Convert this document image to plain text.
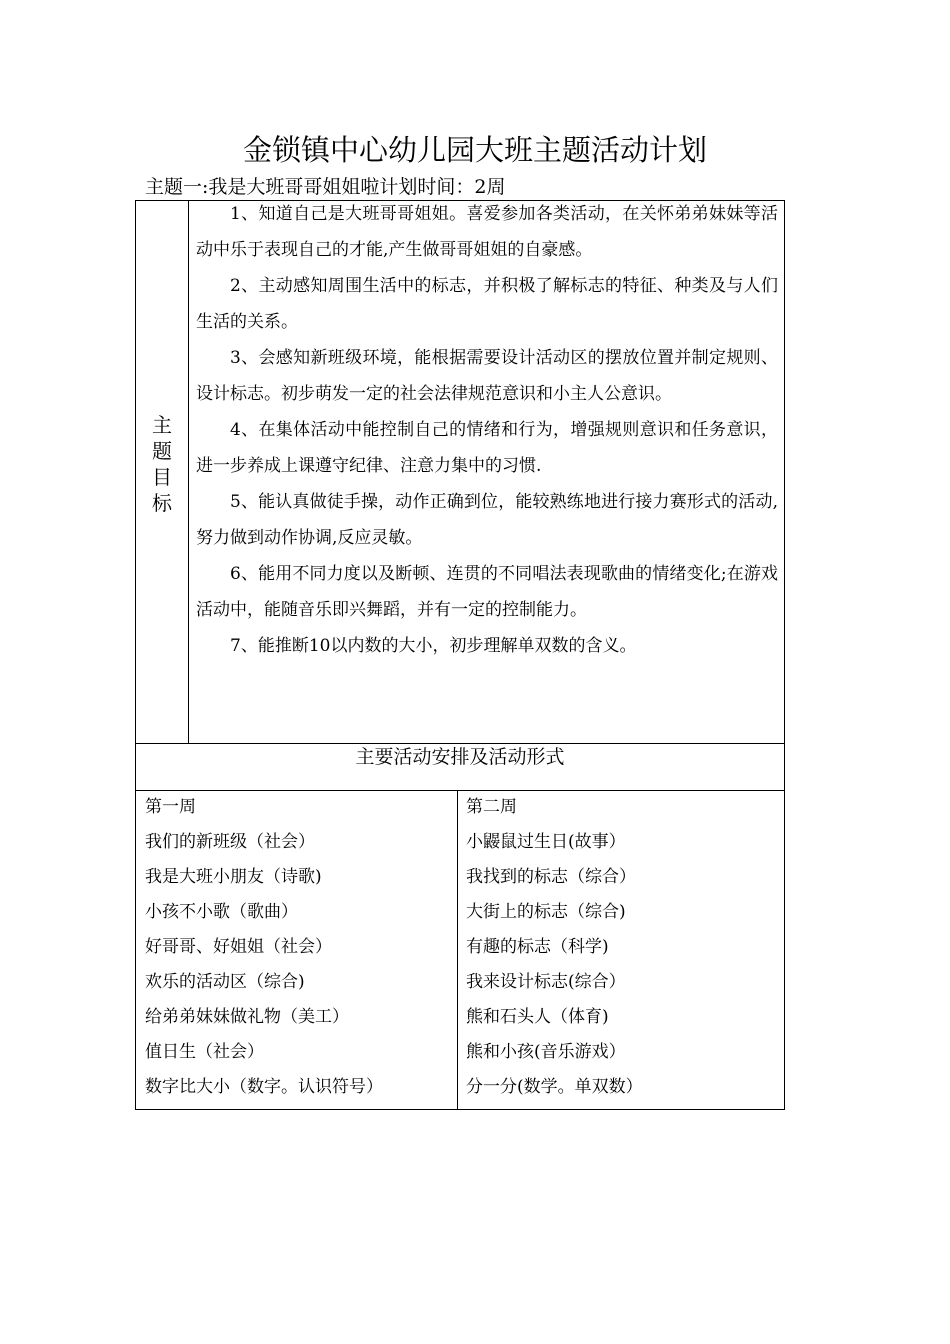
金锁镇中心幼儿园大班主题活动计划
主题一:我是大班哥哥姐姐啦计划时间：2周
主
题
目
标

1、知道自己是大班哥哥姐姐。喜爱参加各类活动，在关怀弟弟妹妹等活动中乐于表现自己的才能,产生做哥哥姐姐的自豪感。

2、主动感知周围生活中的标志，并积极了解标志的特征、种类及与人们生活的关系。

3、会感知新班级环境，能根据需要设计活动区的摆放位置并制定规则、设计标志。初步萌发一定的社会法律规范意识和小主人公意识。

4、在集体活动中能控制自己的情绪和行为，增强规则意识和任务意识，进一步养成上课遵守纪律、注意力集中的习惯.

5、能认真做徒手操，动作正确到位，能较熟练地进行接力赛形式的活动,努力做到动作协调,反应灵敏。

6、能用不同力度以及断顿、连贯的不同唱法表现歌曲的情绪变化;在游戏活动中，能随音乐即兴舞蹈，并有一定的控制能力。

7、能推断10以内数的大小，初步理解单双数的含义。

主要活动安排及活动形式
第一周
我们的新班级（社会）
我是大班小朋友（诗歌)
小孩不小歌（歌曲）
好哥哥、好姐姐（社会）
欢乐的活动区（综合)
给弟弟妹妹做礼物（美工）
值日生（社会）
数字比大小（数字。认识符号）
第二周
小鼹鼠过生日(故事）
我找到的标志（综合）
大街上的标志（综合)
有趣的标志（科学)
我来设计标志(综合）
熊和石头人（体育)
熊和小孩(音乐游戏）
分一分(数学。单双数）
